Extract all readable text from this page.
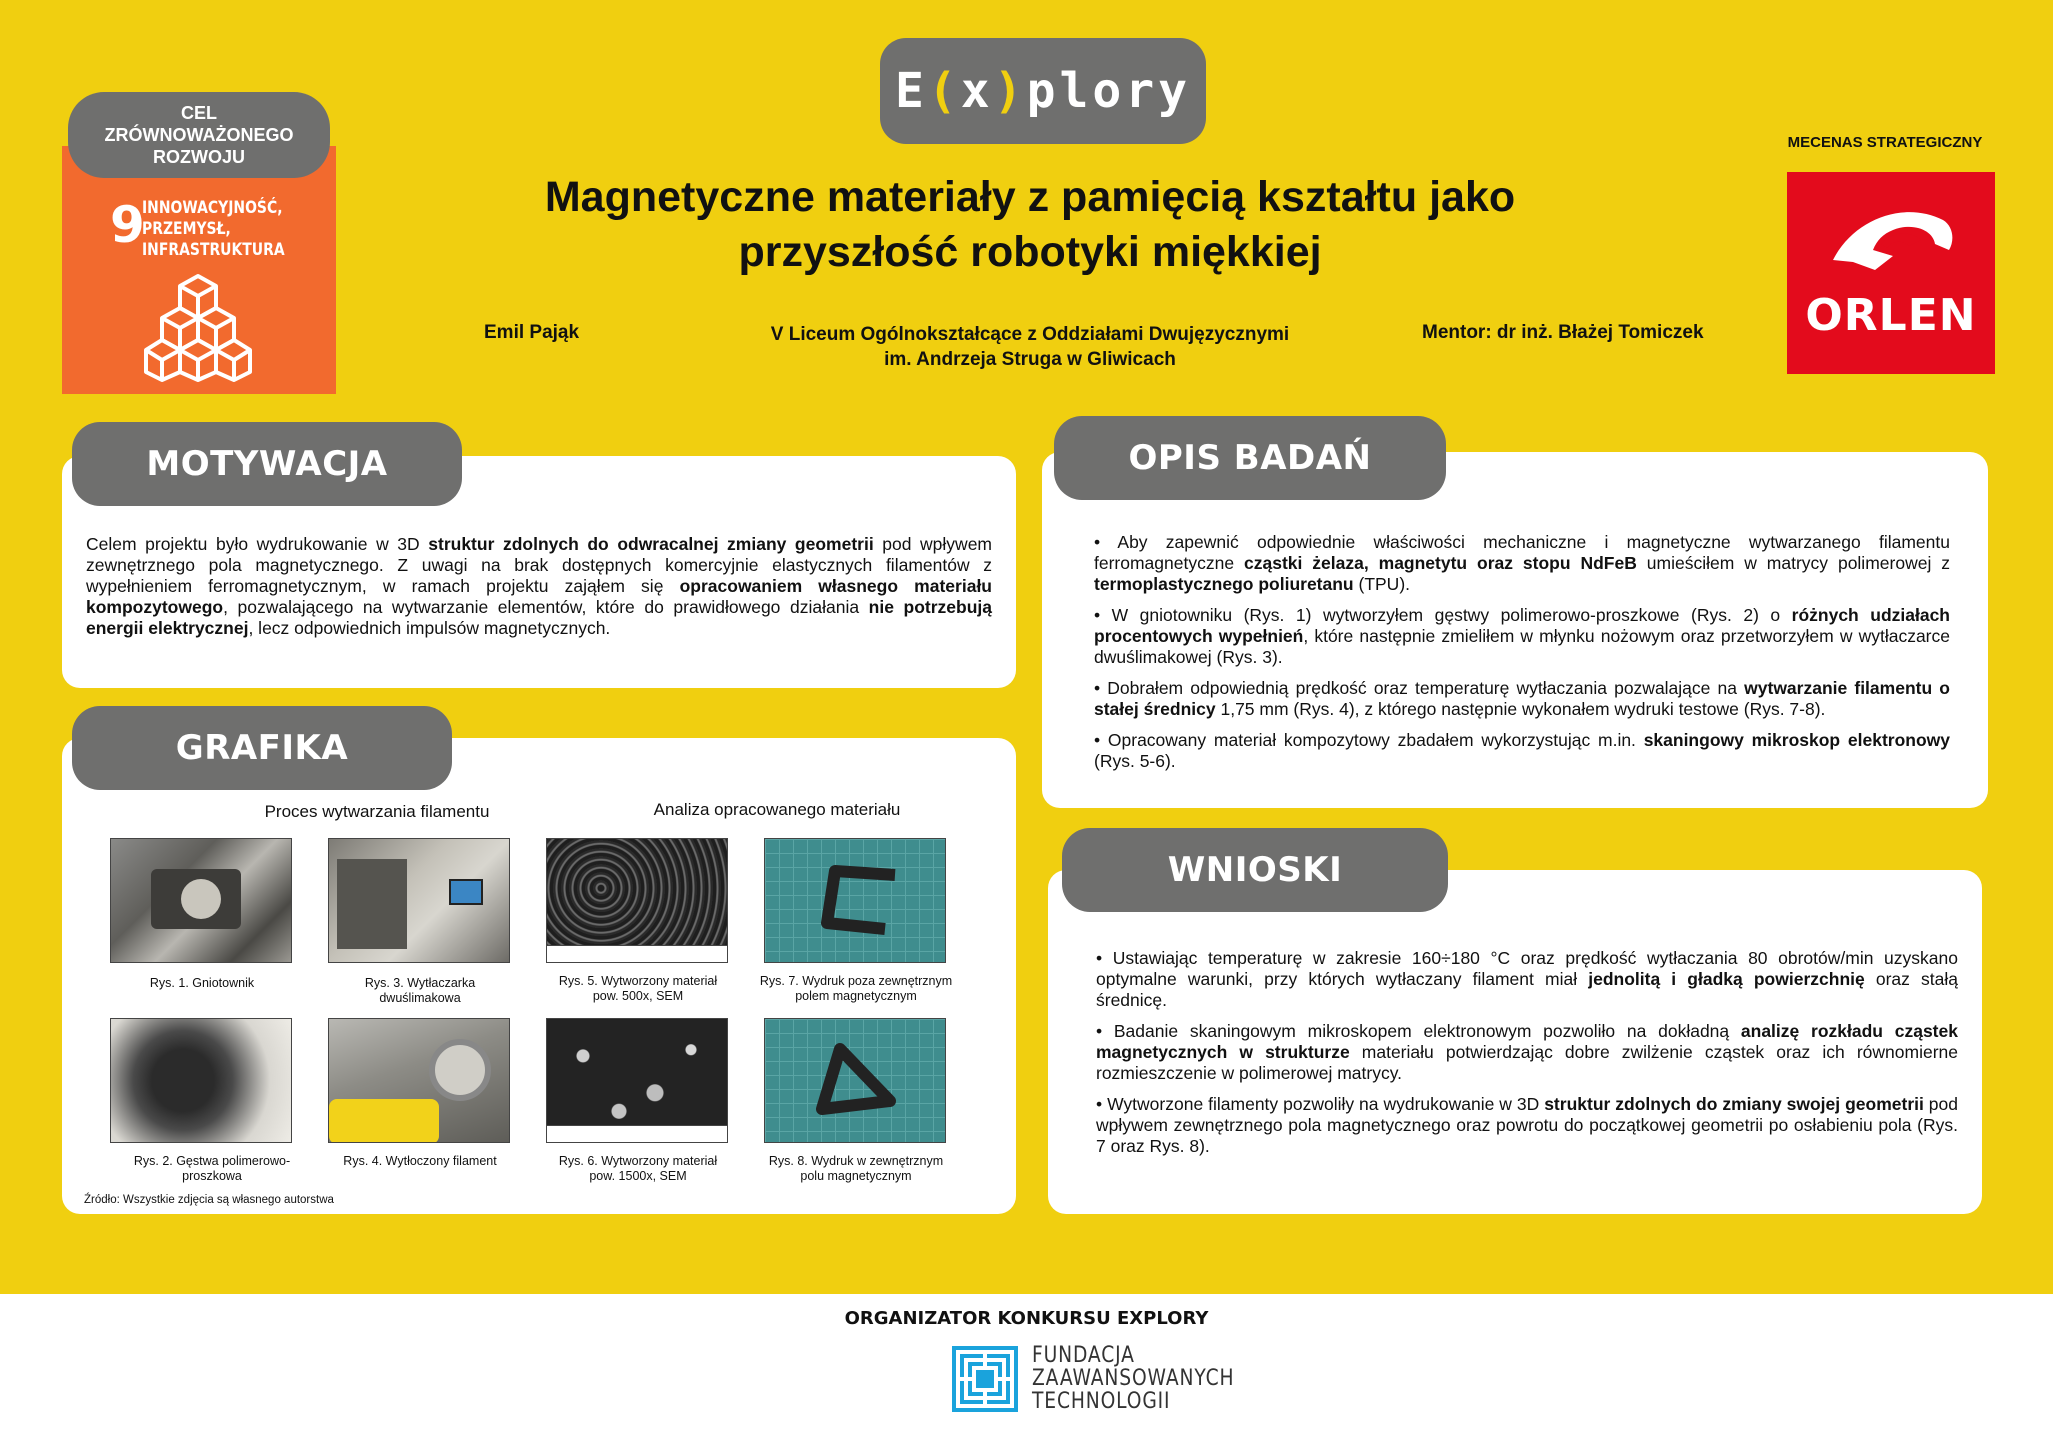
E ( x ) plory
9
INNOWACYJNOŚĆ,
PRZEMYSŁ,
INFRASTRUKTURA
CEL
ZRÓWNOWAŻONEGO
ROZWOJU
MECENAS STRATEGICZNY
ORLEN
Magnetyczne materiały z pamięcią kształtu jako
przyszłość robotyki miękkiej
Emil Pająk	V Liceum Ogólnokształcące z Oddziałami Dwujęzycznymi
im. Andrzeja Struga w Gliwicach
Mentor: dr inż. Błażej Tomiczek
Celem projektu było wydrukowanie w 3D struktur zdolnych do odwracalnej zmiany geometrii pod wpływem zewnętrznego pola magnetycznego. Z uwagi na brak dostępnych komercyjnie elastycznych filamentów z wypełnieniem ferromagnetycznym, w ramach projektu zająłem się opracowaniem własnego materiału kompozytowego, pozwalającego na wytwarzanie elementów, które do prawidłowego działania nie potrzebują energii elektrycznej, lecz odpowiednich impulsów magnetycznych.
MOTYWACJA
Proces wytwarzania filamentu	Analiza opracowanego materiału
Rys. 1. Gniotownik	Rys. 3. Wytłaczarka dwuślimakowa
Rys. 5. Wytworzony materiał pow. 500x, SEM
Rys. 7. Wydruk poza zewnętrznym polem magnetycznym
Rys. 2. Gęstwa polimerowo-proszkowa
Rys. 4. Wytłoczony filament	Rys. 6. Wytworzony materiał pow. 1500x, SEM
Rys. 8. Wydruk w zewnętrznym polu magnetycznym
Źródło: Wszystkie zdjęcia są własnego autorstwa
GRAFIKA

• Aby zapewnić odpowiednie właściwości mechaniczne i magnetyczne wytwarzanego filamentu ferromagnetyczne cząstki żelaza, magnetytu oraz stopu NdFeB umieściłem w matrycy polimerowej z termoplastycznego poliuretanu (TPU).

• W gniotowniku (Rys. 1) wytworzyłem gęstwy polimerowo-proszkowe (Rys. 2) o różnych udziałach procentowych wypełnień, które następnie zmieliłem w młynku nożowym oraz przetworzyłem w wytłaczarce dwuślimakowej (Rys. 3).

• Dobrałem odpowiednią prędkość oraz temperaturę wytłaczania pozwalające na wytwarzanie filamentu o stałej średnicy 1,75 mm (Rys. 4), z którego następnie wykonałem wydruki testowe (Rys. 7-8).

• Opracowany materiał kompozytowy zbadałem wykorzystując m.in. skaningowy mikroskop elektronowy (Rys. 5-6).

OPIS BADAŃ

• Ustawiając temperaturę w zakresie 160÷180 °C oraz prędkość wytłaczania 80 obrotów/min uzyskano optymalne warunki, przy których wytłaczany filament miał jednolitą i gładką powierzchnię oraz stałą średnicę.

• Badanie skaningowym mikroskopem elektronowym pozwoliło na dokładną analizę rozkładu cząstek magnetycznych w strukturze materiału potwierdzając dobre zwilżenie cząstek oraz ich równomierne rozmieszczenie w polimerowej matrycy.

• Wytworzone filamenty pozwoliły na wydrukowanie w 3D struktur zdolnych do zmiany swojej geometrii pod wpływem zewnętrznego pola magnetycznego oraz powrotu do początkowej geometrii po osłabieniu pola (Rys. 7 oraz Rys. 8).

WNIOSKI
ORGANIZATOR KONKURSU EXPLORY
FUNDACJA
ZAAWANSOWANYCH
TECHNOLOGII
